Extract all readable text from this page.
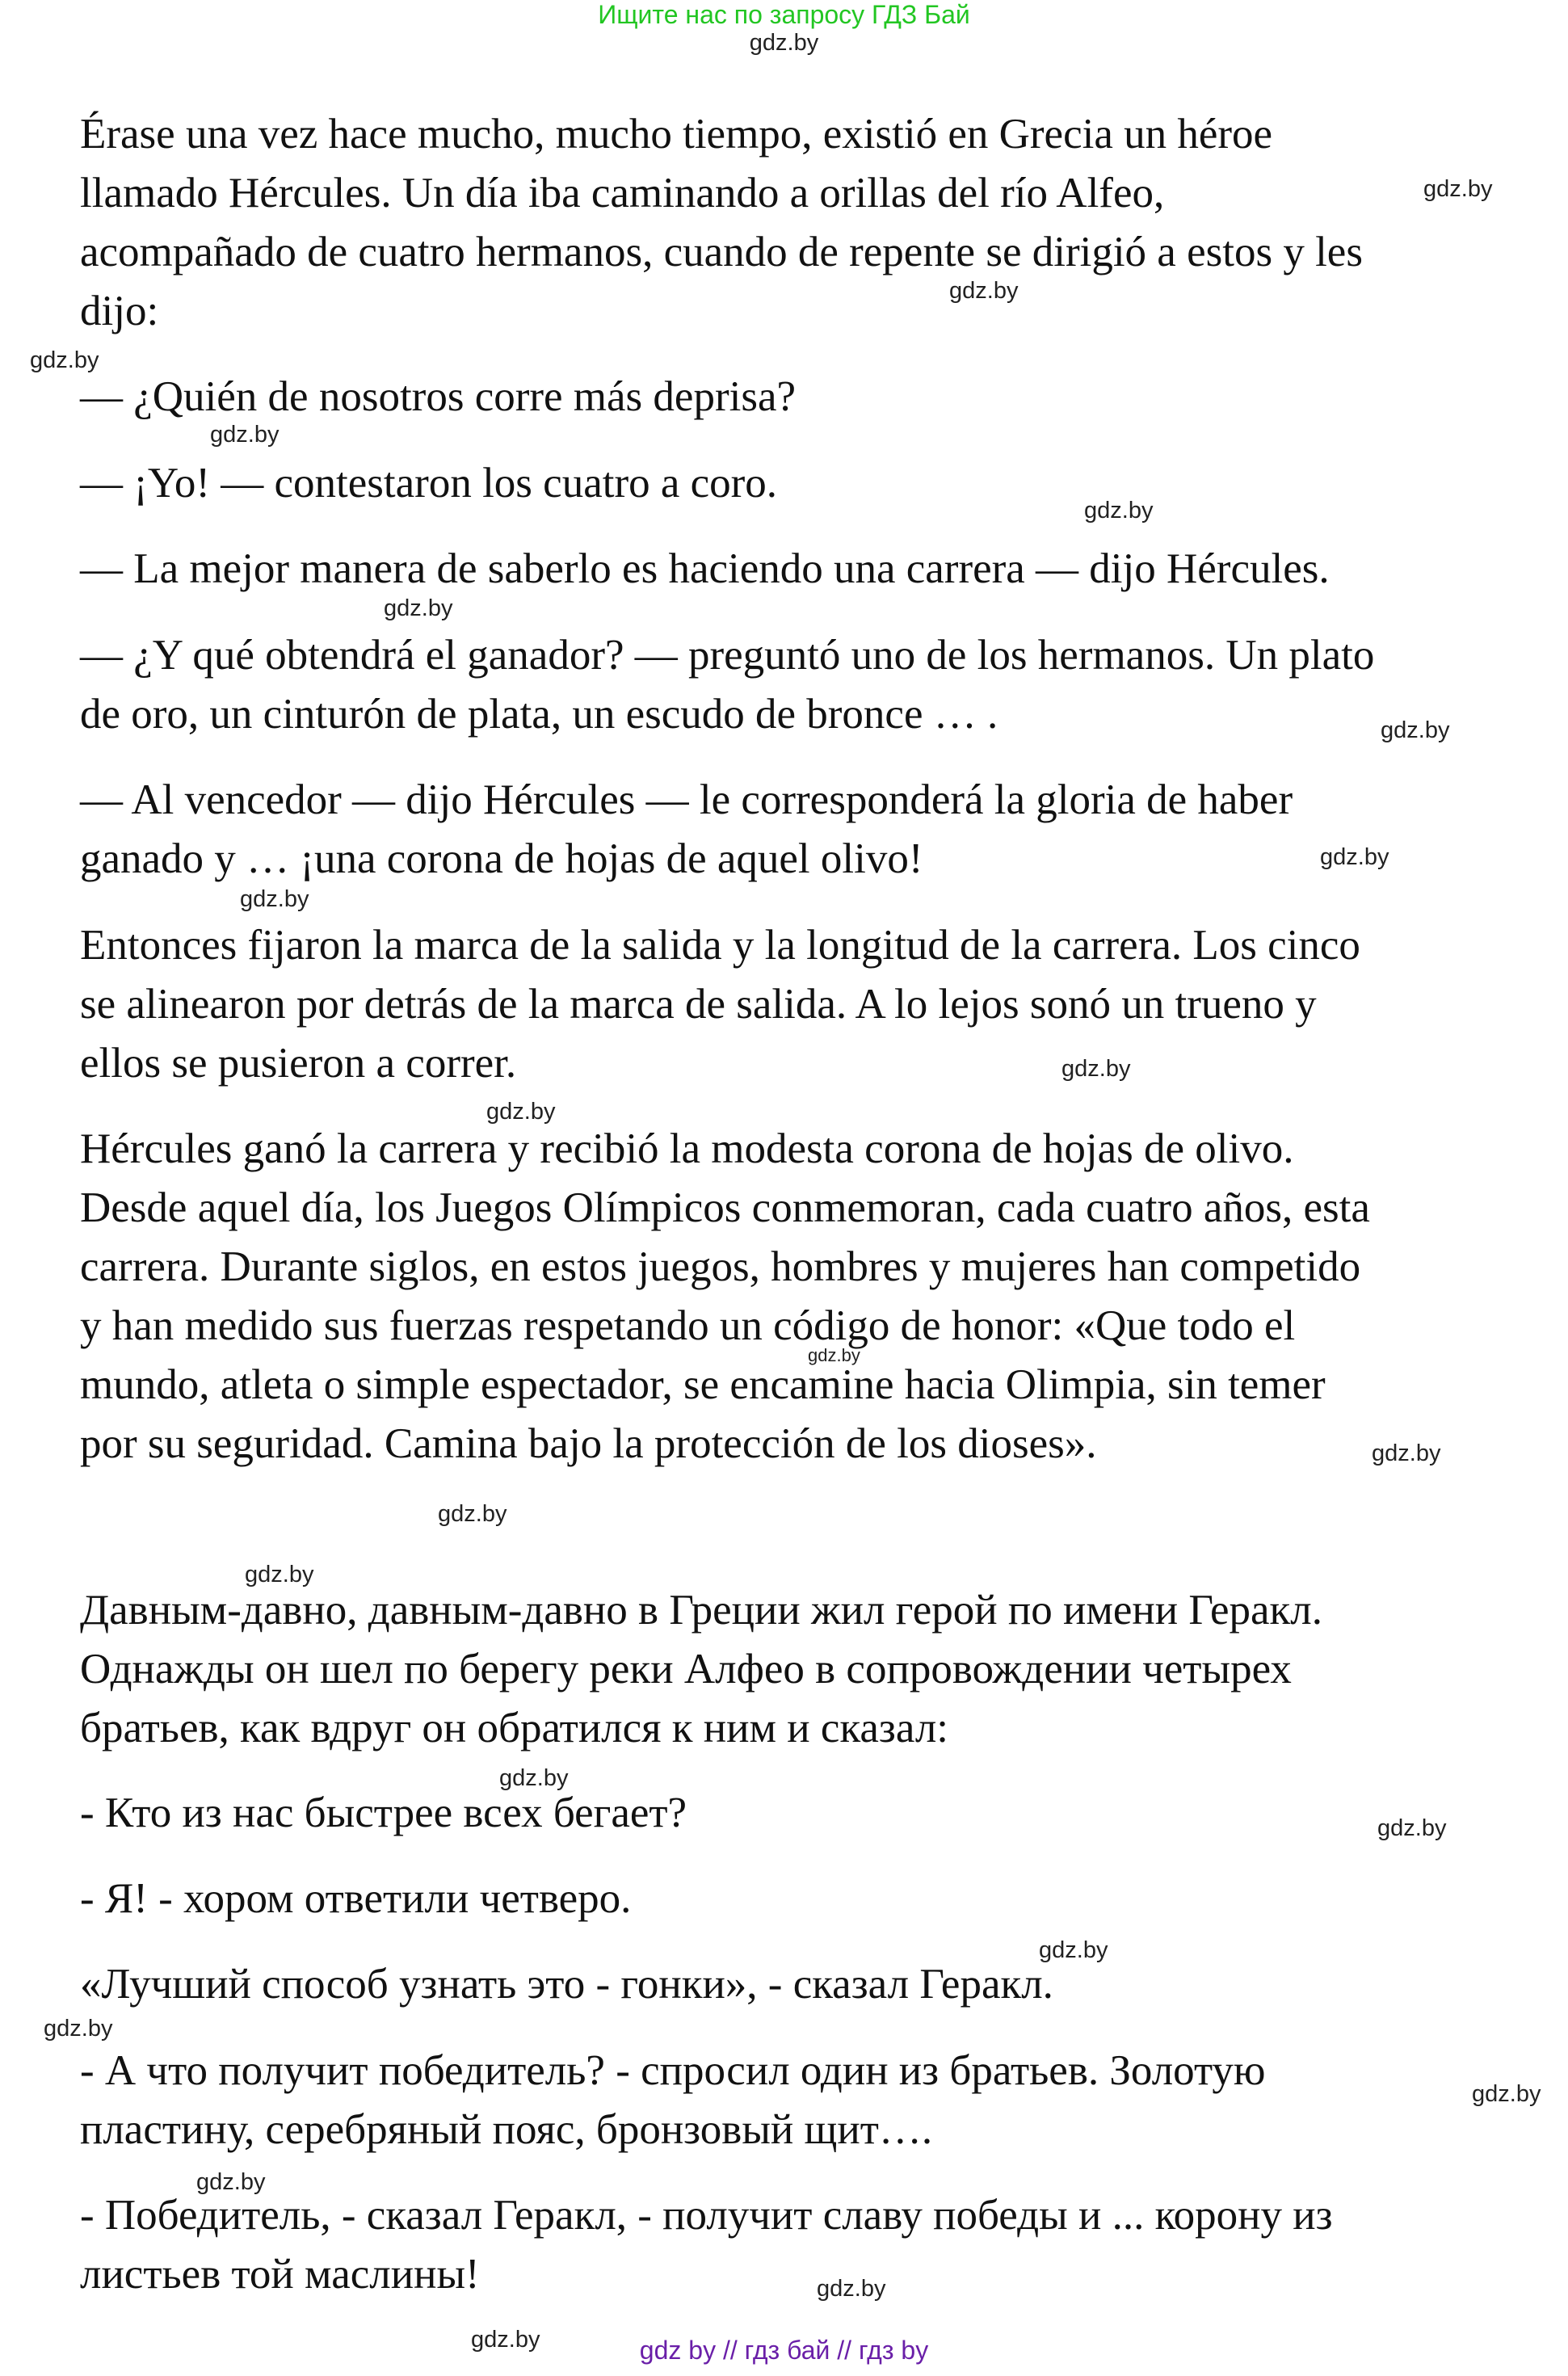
Ищите нас по запросу ГДЗ Бай
gdz.by

Érase una vez hace mucho, mucho tiempo, existió en Grecia un héroe
llamado Hércules. Un día iba caminando a orillas del río Alfeo,
acompañado de cuatro hermanos, cuando de repente se dirigió a estos y les
dijo:

— ¿Quién de nosotros corre más deprisa?

— ¡Yo! — contestaron los cuatro a coro.

— La mejor manera de saberlo es haciendo una carrera — dijo Hércules.

— ¿Y qué obtendrá el ganador? — preguntó uno de los hermanos. Un plato
de oro, un cinturón de plata, un escudo de bronce … .

— Al vencedor — dijo Hércules — le corresponderá la gloria de haber
ganado y … ¡una corona de hojas de aquel olivo!

Entonces fijaron la marca de la salida y la longitud de la carrera. Los cinco
se alinearon por detrás de la marca de salida. A lo lejos sonó un trueno y
ellos se pusieron a correr.

Hércules ganó la carrera y recibió la modesta corona de hojas de olivo.
Desde aquel día, los Juegos Olímpicos conmemoran, cada cuatro años, esta
carrera. Durante siglos, en estos juegos, hombres y mujeres han competido
y han medido sus fuerzas respetando un código de honor: «Que todo el
mundo, atleta o simple espectador, se encamine hacia Olimpia, sin temer
por su seguridad. Camina bajo la protección de los dioses».

Давным-давно, давным-давно в Греции жил герой по имени Геракл.
Однажды он шел по берегу реки Алфео в сопровождении четырех
братьев, как вдруг он обратился к ним и сказал:

- Кто из нас быстрее всех бегает?

- Я! - хором ответили четверо.

«Лучший способ узнать это - гонки», - сказал Геракл.

- А что получит победитель? - спросил один из братьев. Золотую
пластину, серебряный пояс, бронзовый щит….

- Победитель, - сказал Геракл, - получит славу победы и ... корону из
листьев той маслины!

gdz.by
gdz.by
gdz.by
gdz.by
gdz.by
gdz.by
gdz.by
gdz.by
gdz.by
gdz.by
gdz.by
gdz.by
gdz.by
gdz.by
gdz.by
gdz.by
gdz.by
gdz.by
gdz.by
gdz.by
gdz.by
gdz.by
gdz.by	gdz by // гдз бай // гдз by
